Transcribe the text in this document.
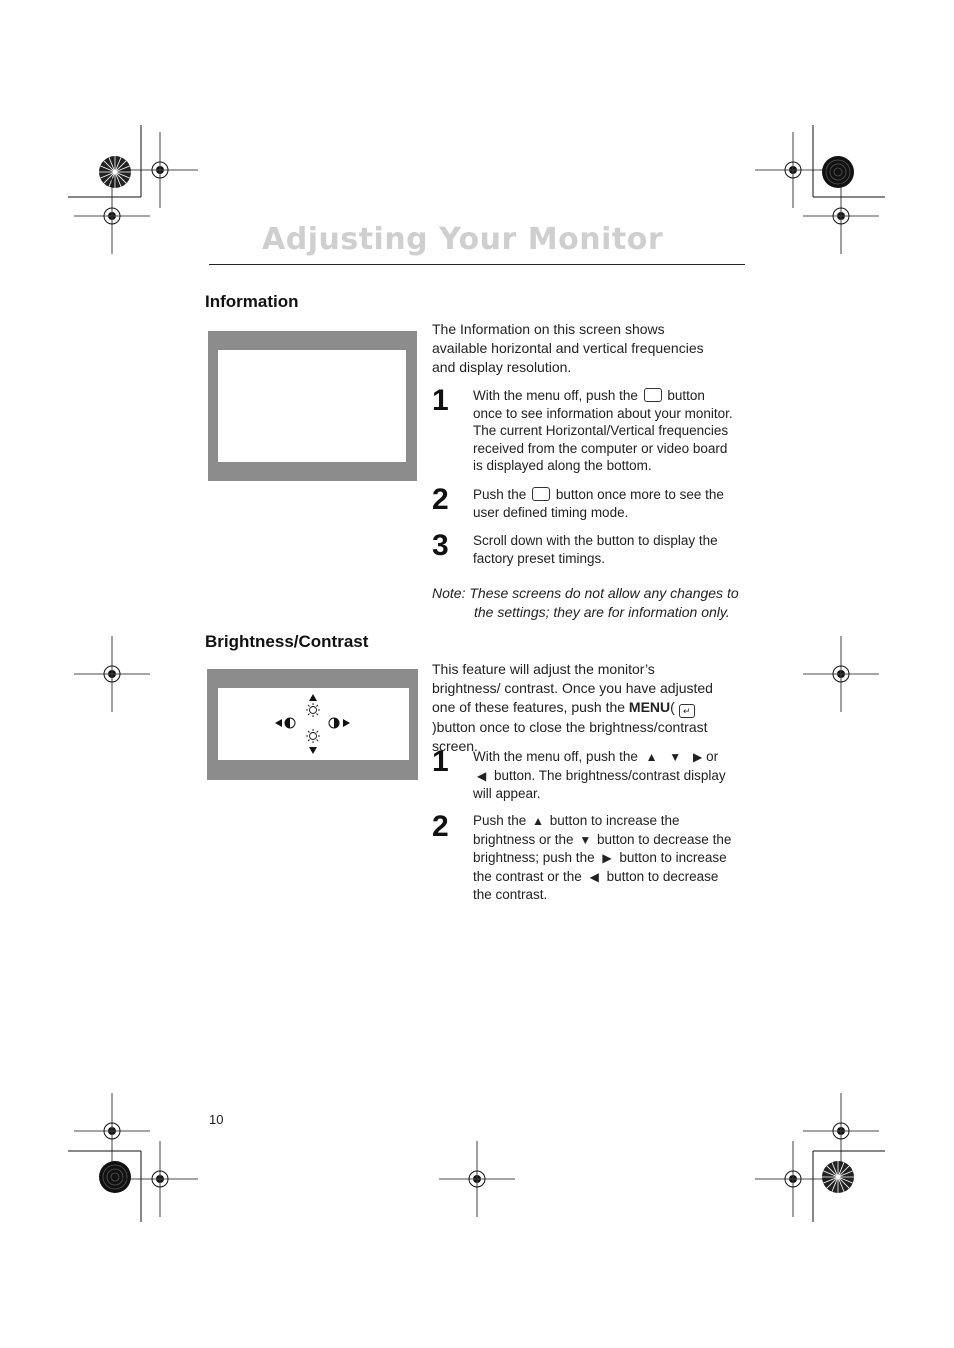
Adjusting Your Monitor
Information
The Information on this screen shows available horizontal and vertical frequencies and display resolution.
1 With the menu off, push the button once to see information about your monitor. The current Horizontal/Vertical frequencies received from the computer or video board is displayed along the bottom.
2 Push the button once more to see the user defined timing mode.
3 Scroll down with the button to display the factory preset timings.
Note: These screens do not allow any changes to
the settings; they are for information only.
Brightness/Contrast
This feature will adjust the monitor’s brightness/ contrast. Once you have adjusted one of these features, push the MENU( ↵ )button once to close the brightness/contrast screen.
1 With the menu off, push the ▲ ▼ ▶ or ◀ button. The brightness/contrast display will appear.
2 Push the ▲ button to increase the brightness or the ▼ button to decrease the brightness; push the ▶ button to increase the contrast or the ◀ button to decrease the contrast.
10
